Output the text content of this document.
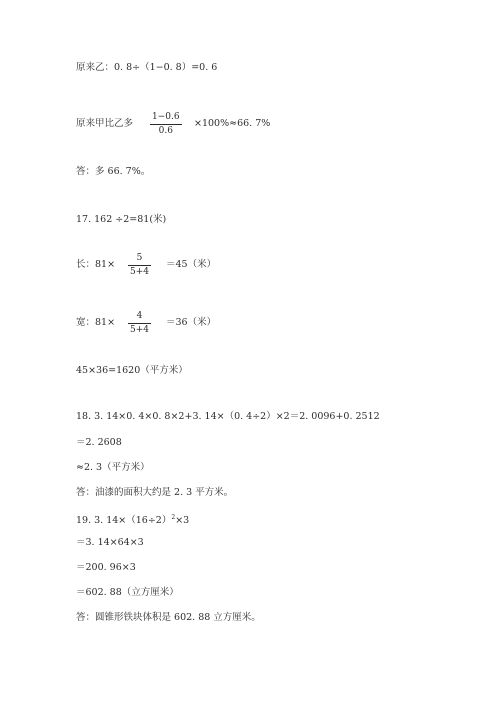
原来乙：0. 8÷（1−0. 8）=0. 6
原来甲比乙多
1−0.6
0.6
×100%≈66. 7%
答：多 66. 7%。
17. 162 ÷2=81(米)
长：81×
5
5+4
＝45（米）
宽：81×
4
5+4
＝36（米）
45×36=1620（平方米）
18. 3. 14×0. 4×0. 8×2+3. 14×（0. 4÷2）×2＝2. 0096+0. 2512
＝2. 2608
≈2. 3（平方米）
答：油漆的面积大约是 2. 3 平方米。
19. 3. $14\times(16\div 2)^2\times 3$
＝3. 14×64×3
＝200. 96×3
＝602. 88（立方厘米）
答：圆锥形铁块体积是 602. 88 立方厘米。
